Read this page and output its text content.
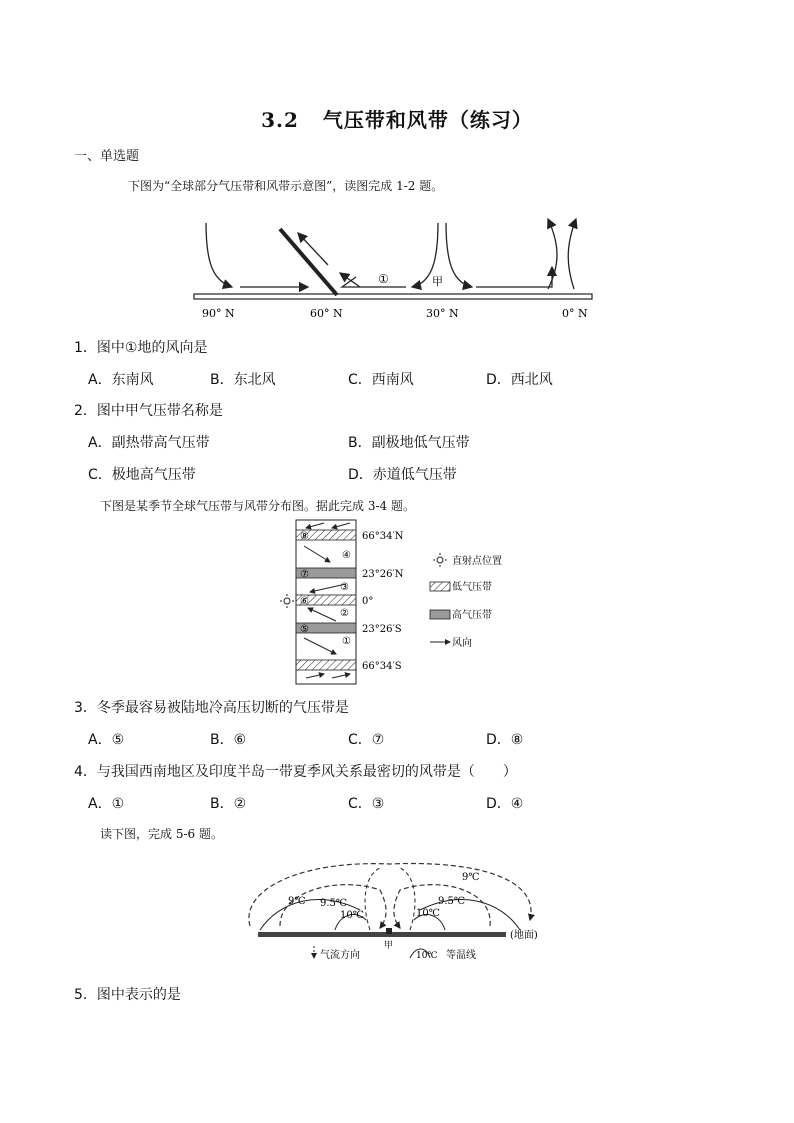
3.2 气压带和风带（练习）
一、单选题
下图为“全球部分气压带和风带示意图”，读图完成 1-2 题。
①	甲
90° N	60° N	30° N	0° N
1．图中①地的风向是
A．东南风	B．东北风	C．西南风	D．西北风
2．图中甲气压带名称是
A．副热带高气压带	B．副极地低气压带
C．极地高气压带	D．赤道低气压带
下图是某季节全球气压带与风带分布图。据此完成 3-4 题。
⑧
⑦
⑥
⑤
④
③
②
①
66°34′N
23°26′N
0°
23°26′S
66°34′S
直射点位置
低气压带
高气压带
风向
3．冬季最容易被陆地冷高压切断的气压带是
A．⑤	B．⑥	C．⑦	D．⑧
4．与我国西南地区及印度半岛一带夏季风关系最密切的风带是（　　）
A．①	B．②	C．③	D．④
读下图，完成 5-6 题。
9℃ 9.5℃
10℃	10℃
9.5℃
9℃
甲
(地面)
气流方向	10℃ 等温线
5．图中表示的是
